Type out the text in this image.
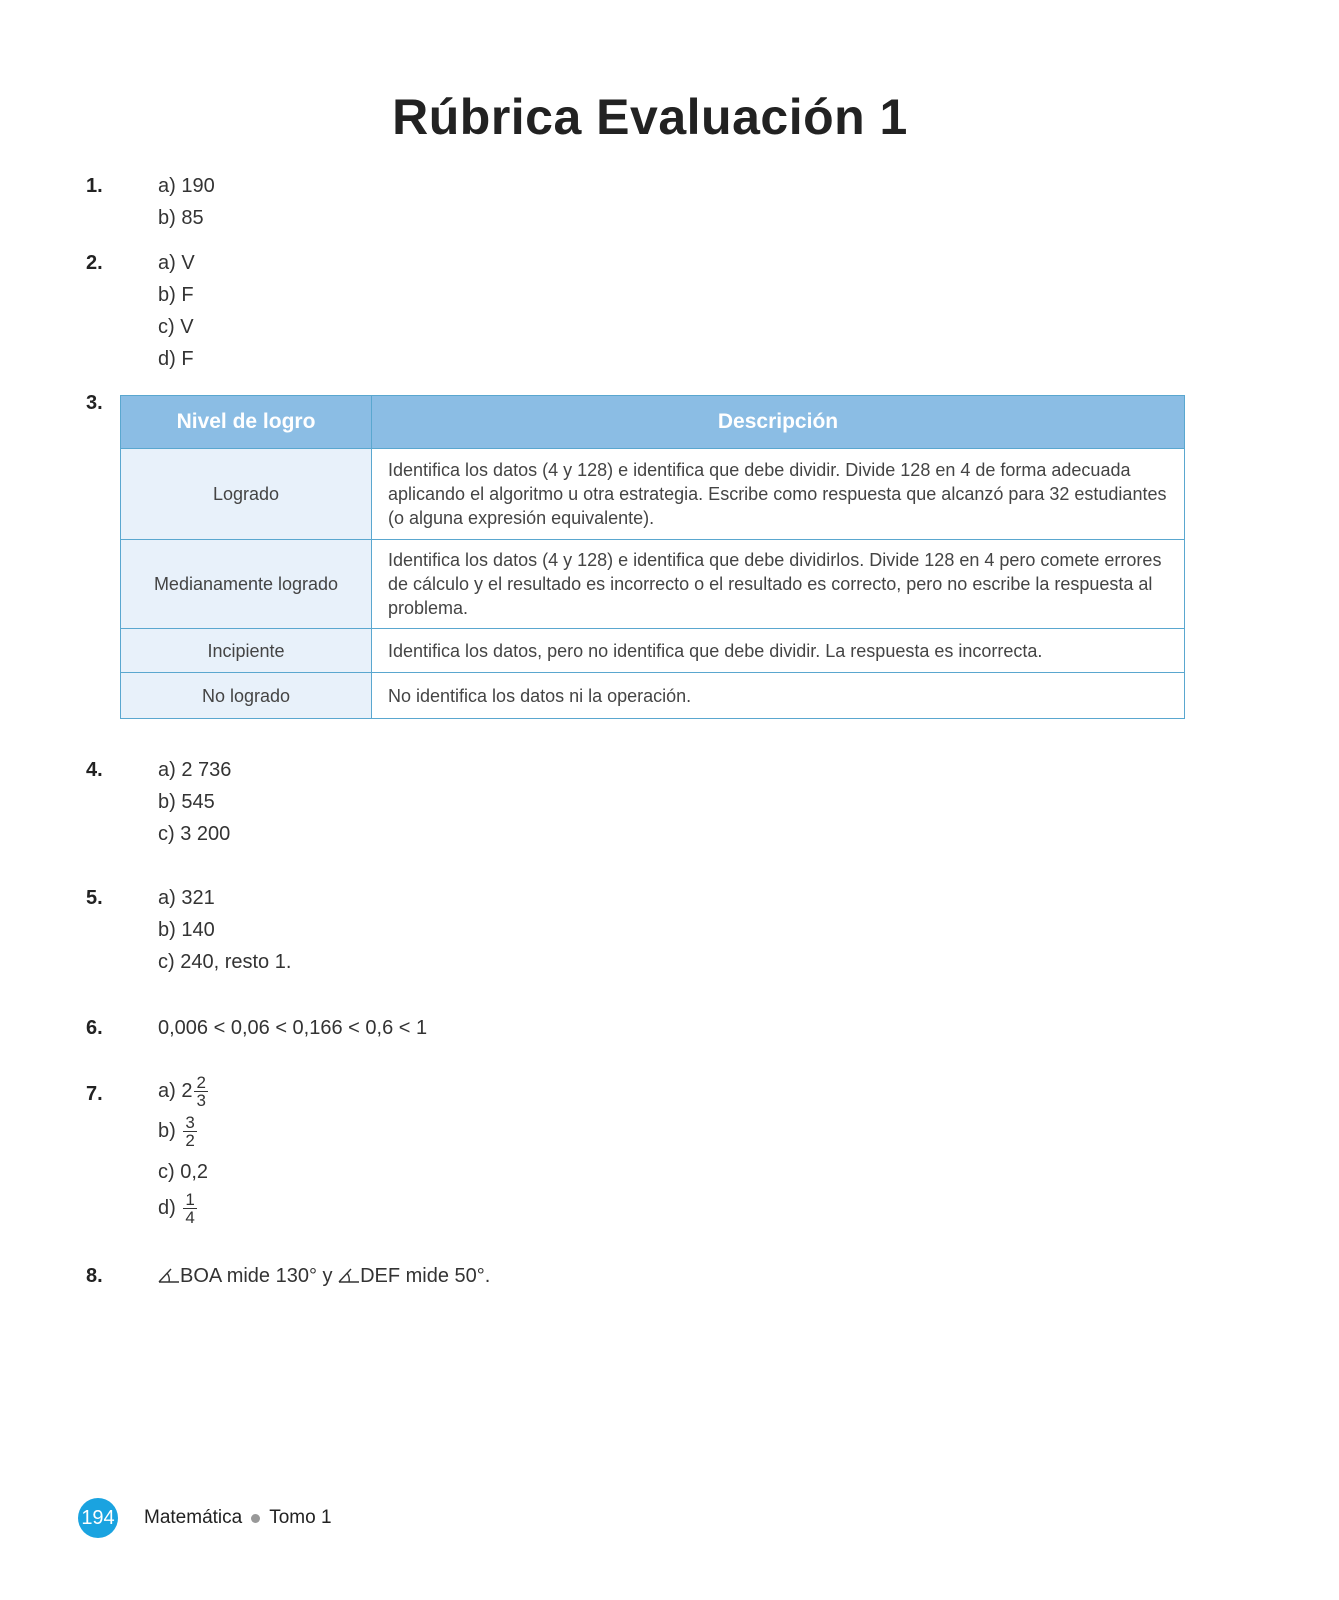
Rúbrica Evaluación 1
1.	a) 190
b) 85
2.	a) V
b) F
c) V
d) F
3.
Nivel de logro	Descripción
Logrado	Identifica los datos (4 y 128) e identifica que debe dividir. Divide 128 en 4 de forma adecuada aplicando el algoritmo u otra estrategia. Escribe como respuesta que alcanzó para 32 estudiantes (o alguna expresión equivalente).
Medianamente logrado	Identifica los datos (4 y 128) e identifica que debe dividirlos. Divide 128 en 4 pero comete errores de cálculo y el resultado es incorrecto o el resultado es correcto, pero no escribe la respuesta al problema.
Incipiente	Identifica los datos, pero no identifica que debe dividir. La respuesta es incorrecta.
No logrado	No identifica los datos ni la operación.
4.	a) 2 736
b) 545
c) 3 200
5.	a) 321
b) 140
c) 240, resto 1.
6.	0,006 < 0,06 < 0,166 < 0,6 < 1
7.	a) $2 \frac{2}{3}$
$b) \frac{3}{2}$
c) 0,2
$d) \frac{1}{4}$
8.	BOA mide 130° y
DEF mide 50°.
194 Matemática Tomo 1
